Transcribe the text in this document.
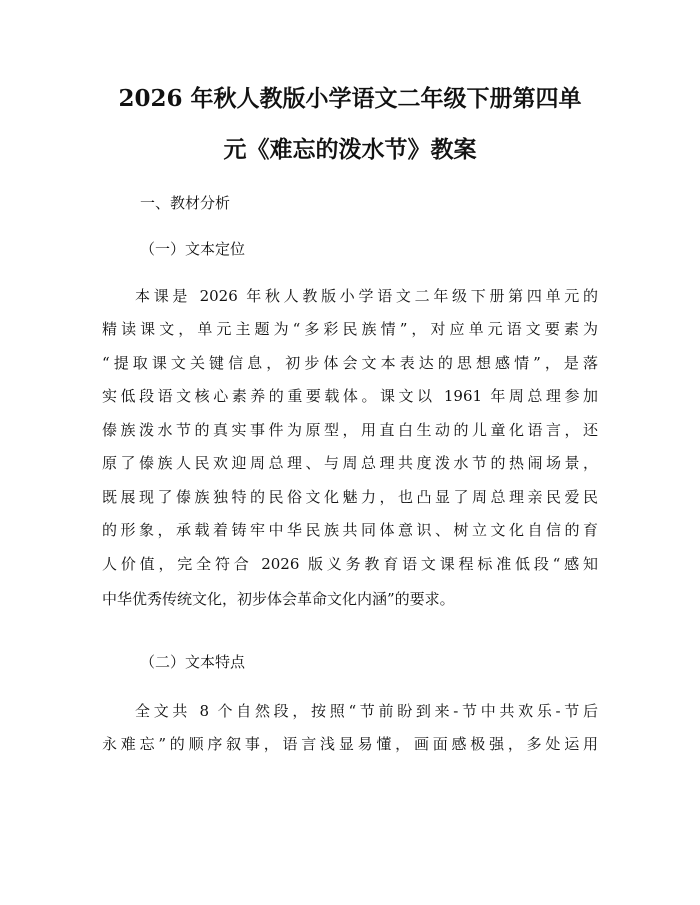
2026 年秋人教版小学语文二年级下册第四单
元《难忘的泼水节》教案
一、教材分析
（一）文本定位
本课是 2026 年秋人教版小学语文二年级下册第四单元的
精读课文，单元主题为“多彩民族情”，对应单元语文要素为
“提取课文关键信息，初步体会文本表达的思想感情”，是落
实低段语文核心素养的重要载体。课文以 1961 年周总理参加
傣族泼水节的真实事件为原型，用直白生动的儿童化语言，还
原了傣族人民欢迎周总理、与周总理共度泼水节的热闹场景，
既展现了傣族独特的民俗文化魅力，也凸显了周总理亲民爱民
的形象，承载着铸牢中华民族共同体意识、树立文化自信的育
人价值，完全符合 2026 版义务教育语文课程标准低段“感知
中华优秀传统文化，初步体会革命文化内涵”的要求。
（二）文本特点
全文共 8 个自然段，按照“节前盼到来-节中共欢乐-节后
永难忘”的顺序叙事，语言浅显易懂，画面感极强，多处运用
